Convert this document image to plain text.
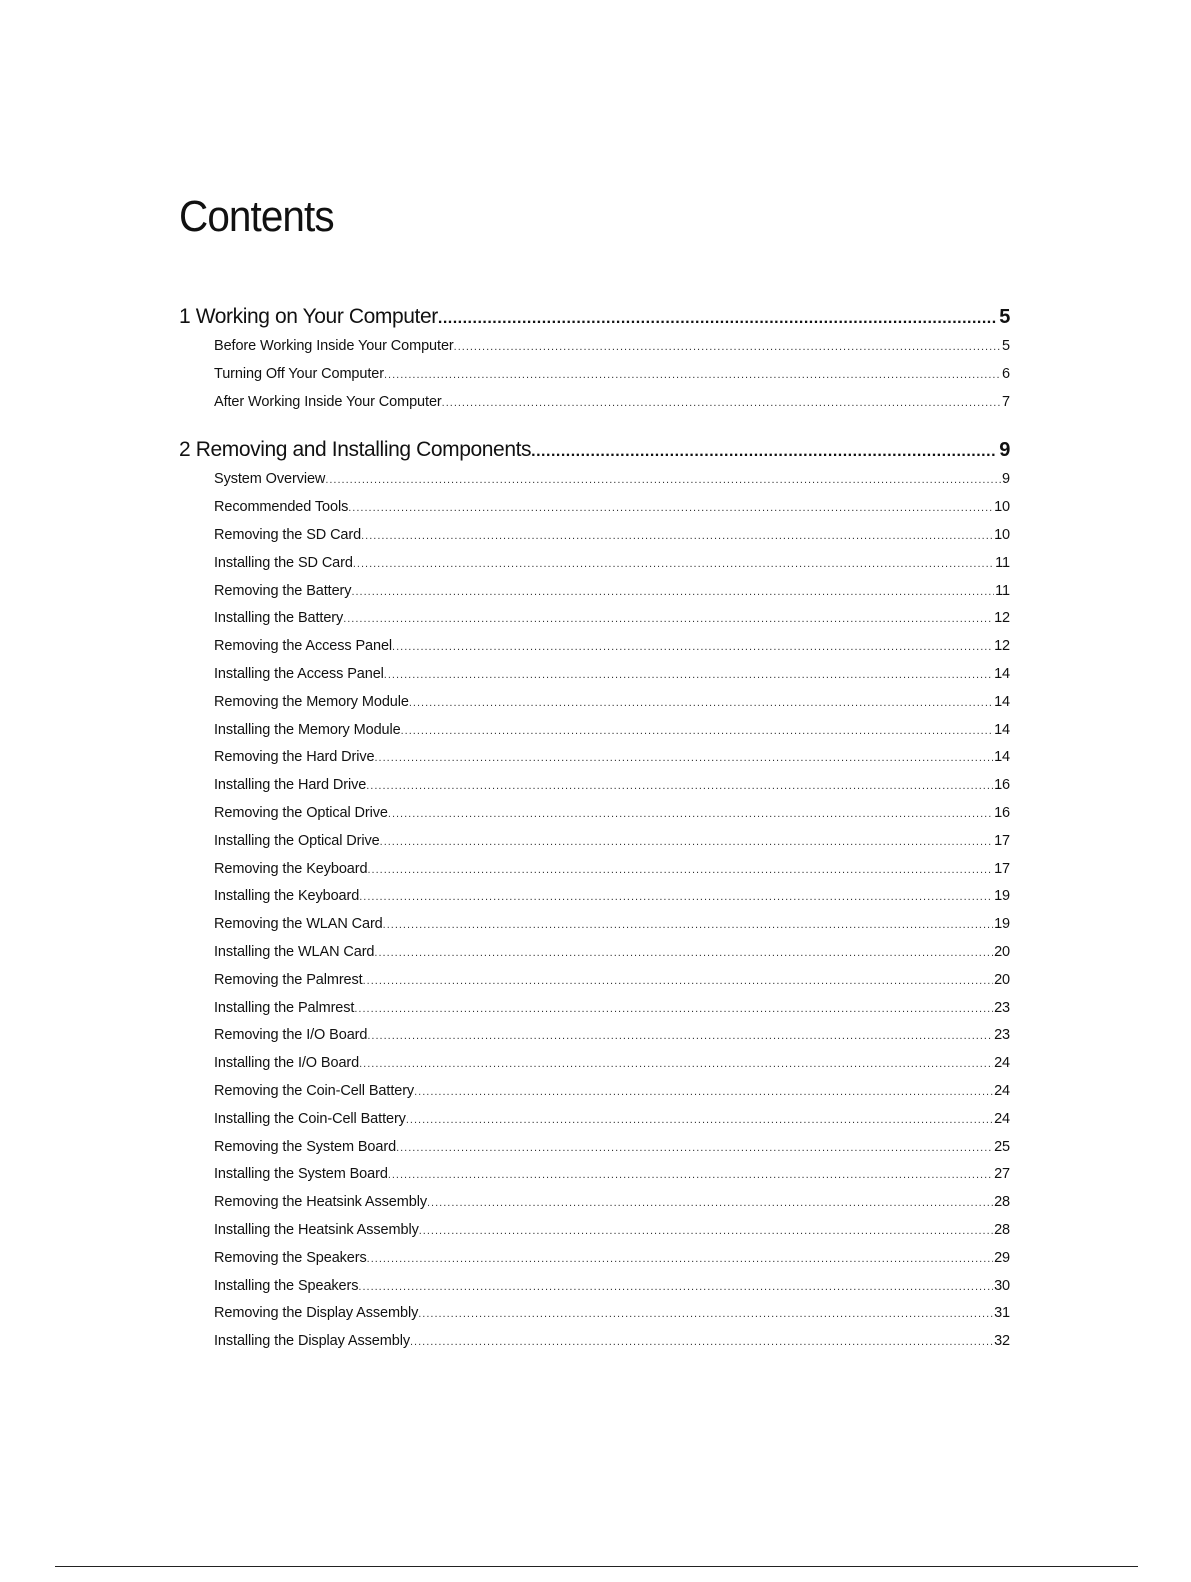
Contents
1 Working on Your Computer .....	5
Before Working Inside Your Computer .....	5
Turning Off Your Computer .....	6
After Working Inside Your Computer .....	7
2 Removing and Installing Components .....	9
System Overview .....	9
Recommended Tools .....	10
Removing the SD Card .....	10
Installing the SD Card .....	11
Removing the Battery .....	11
Installing the Battery .....	12
Removing the Access Panel .....	12
Installing the Access Panel .....	14
Removing the Memory Module .....	14
Installing the Memory Module .....	14
Removing the Hard Drive .....	14
Installing the Hard Drive .....	16
Removing the Optical Drive .....	16
Installing the Optical Drive .....	17
Removing the Keyboard .....	17
Installing the Keyboard .....	19
Removing the WLAN Card .....	19
Installing the WLAN Card .....	20
Removing the Palmrest .....	20
Installing the Palmrest .....	23
Removing the I/O Board .....	23
Installing the I/O Board .....	24
Removing the Coin-Cell Battery .....	24
Installing the Coin-Cell Battery .....	24
Removing the System Board .....	25
Installing the System Board .....	27
Removing the Heatsink Assembly .....	28
Installing the Heatsink Assembly .....	28
Removing the Speakers .....	29
Installing the Speakers .....	30
Removing the Display Assembly .....	31
Installing the Display Assembly .....	32
